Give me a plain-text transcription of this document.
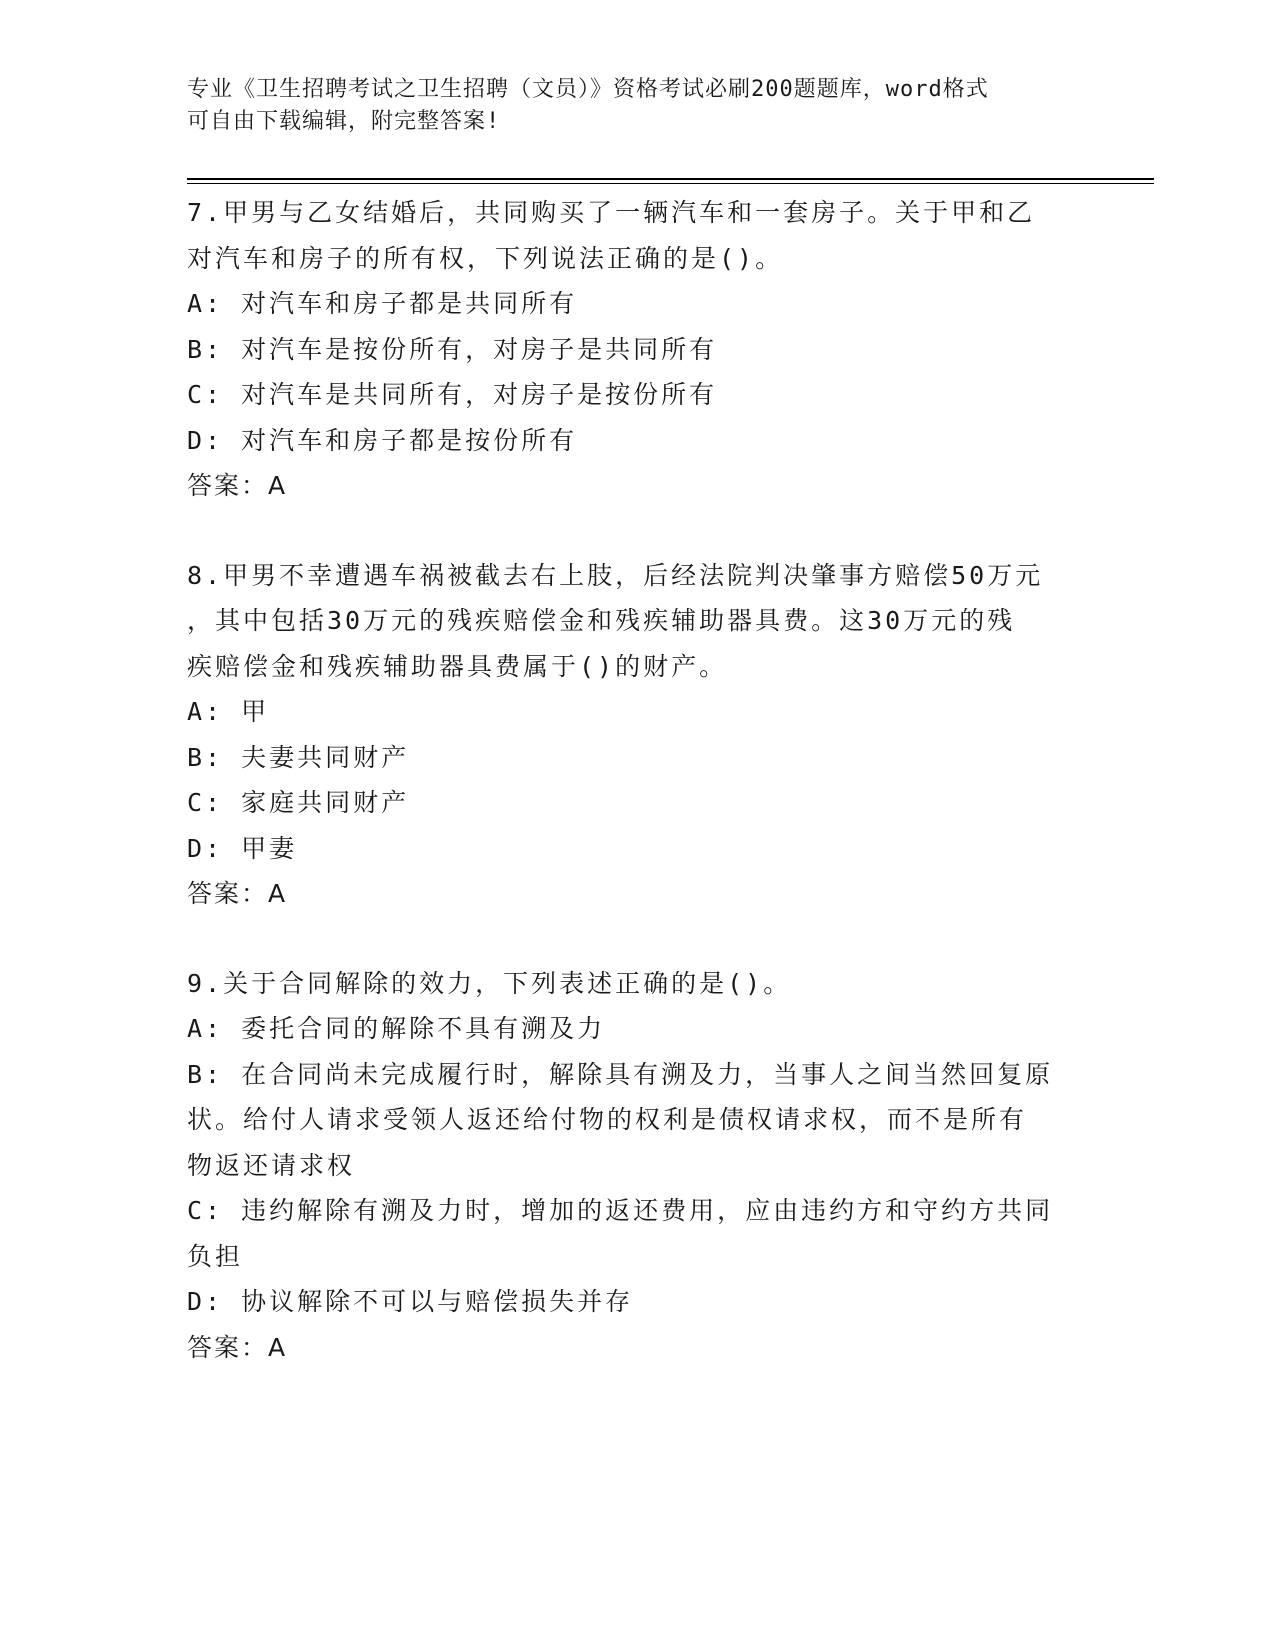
专业《卫生招聘考试之卫生招聘（文员）》资格考试必刷200题题库，word格式
可自由下载编辑，附完整答案!
7.甲男与乙女结婚后，共同购买了一辆汽车和一套房子。关于甲和乙
对汽车和房子的所有权，下列说法正确的是()。
A: 对汽车和房子都是共同所有
B: 对汽车是按份所有，对房子是共同所有
C: 对汽车是共同所有，对房子是按份所有
D: 对汽车和房子都是按份所有
答案：A
8.甲男不幸遭遇车祸被截去右上肢，后经法院判决肇事方赔偿50万元
，其中包括30万元的残疾赔偿金和残疾辅助器具费。这30万元的残
疾赔偿金和残疾辅助器具费属于()的财产。
A: 甲
B: 夫妻共同财产
C: 家庭共同财产
D: 甲妻
答案：A
9.关于合同解除的效力，下列表述正确的是()。
A: 委托合同的解除不具有溯及力
B: 在合同尚未完成履行时，解除具有溯及力，当事人之间当然回复原
状。给付人请求受领人返还给付物的权利是债权请求权，而不是所有
物返还请求权
C: 违约解除有溯及力时，增加的返还费用，应由违约方和守约方共同
负担
D: 协议解除不可以与赔偿损失并存
答案：A
